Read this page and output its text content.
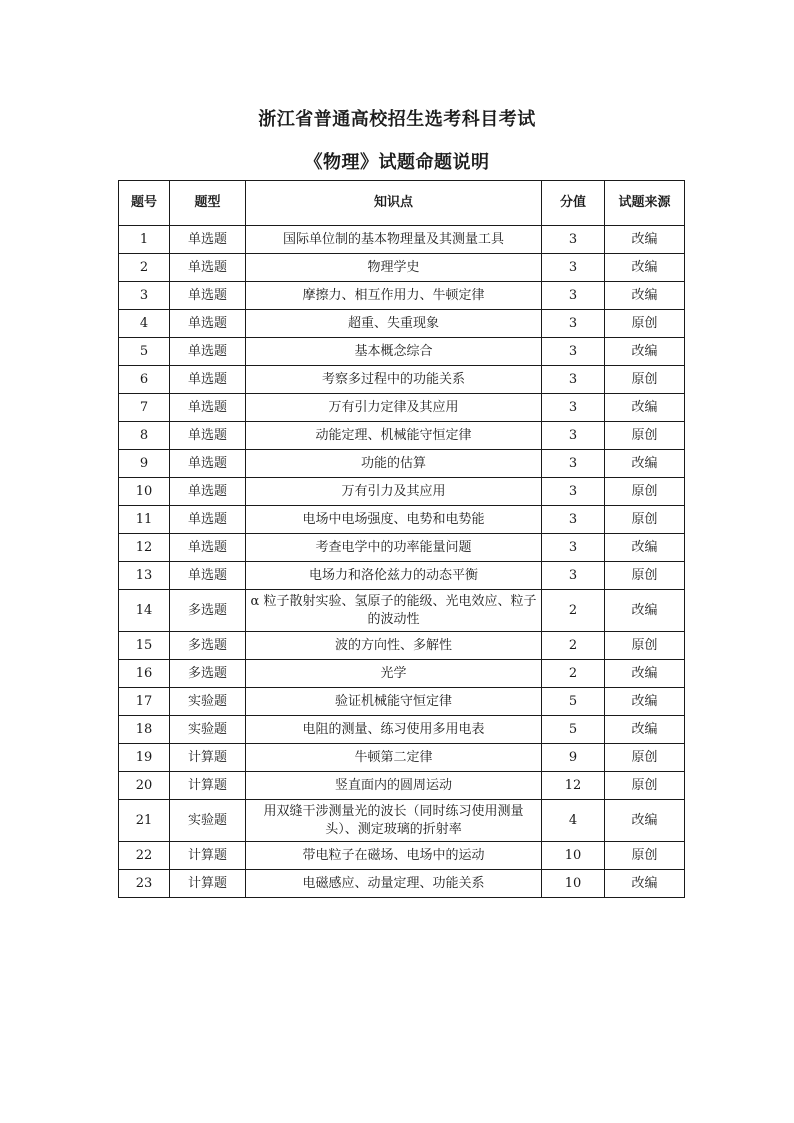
浙江省普通高校招生选考科目考试
《物理》试题命题说明
题号	题型	知识点	分值	试题来源
1	单选题	国际单位制的基本物理量及其测量工具	3	改编
2	单选题	物理学史	3	改编
3	单选题	摩擦力、相互作用力、牛顿定律	3	改编
4	单选题	超重、失重现象	3	原创
5	单选题	基本概念综合	3	改编
6	单选题	考察多过程中的功能关系	3	原创
7	单选题	万有引力定律及其应用	3	改编
8	单选题	动能定理、机械能守恒定律	3	原创
9	单选题	功能的估算	3	改编
10	单选题	万有引力及其应用	3	原创
11	单选题	电场中电场强度、电势和电势能	3	原创
12	单选题	考查电学中的功率能量问题	3	改编
13	单选题	电场力和洛伦兹力的动态平衡	3	原创
14	多选题	α 粒子散射实验、氢原子的能级、光电效应、粒子的波动性	2	改编
15	多选题	波的方向性、多解性	2	原创
16	多选题	光学	2	改编
17	实验题	验证机械能守恒定律	5	改编
18	实验题	电阻的测量、练习使用多用电表	5	改编
19	计算题	牛顿第二定律	9	原创
20	计算题	竖直面内的圆周运动	12	原创
21	实验题	用双缝干涉测量光的波长（同时练习使用测量头）、测定玻璃的折射率	4	改编
22	计算题	带电粒子在磁场、电场中的运动	10	原创
23	计算题	电磁感应、动量定理、功能关系	10	改编
